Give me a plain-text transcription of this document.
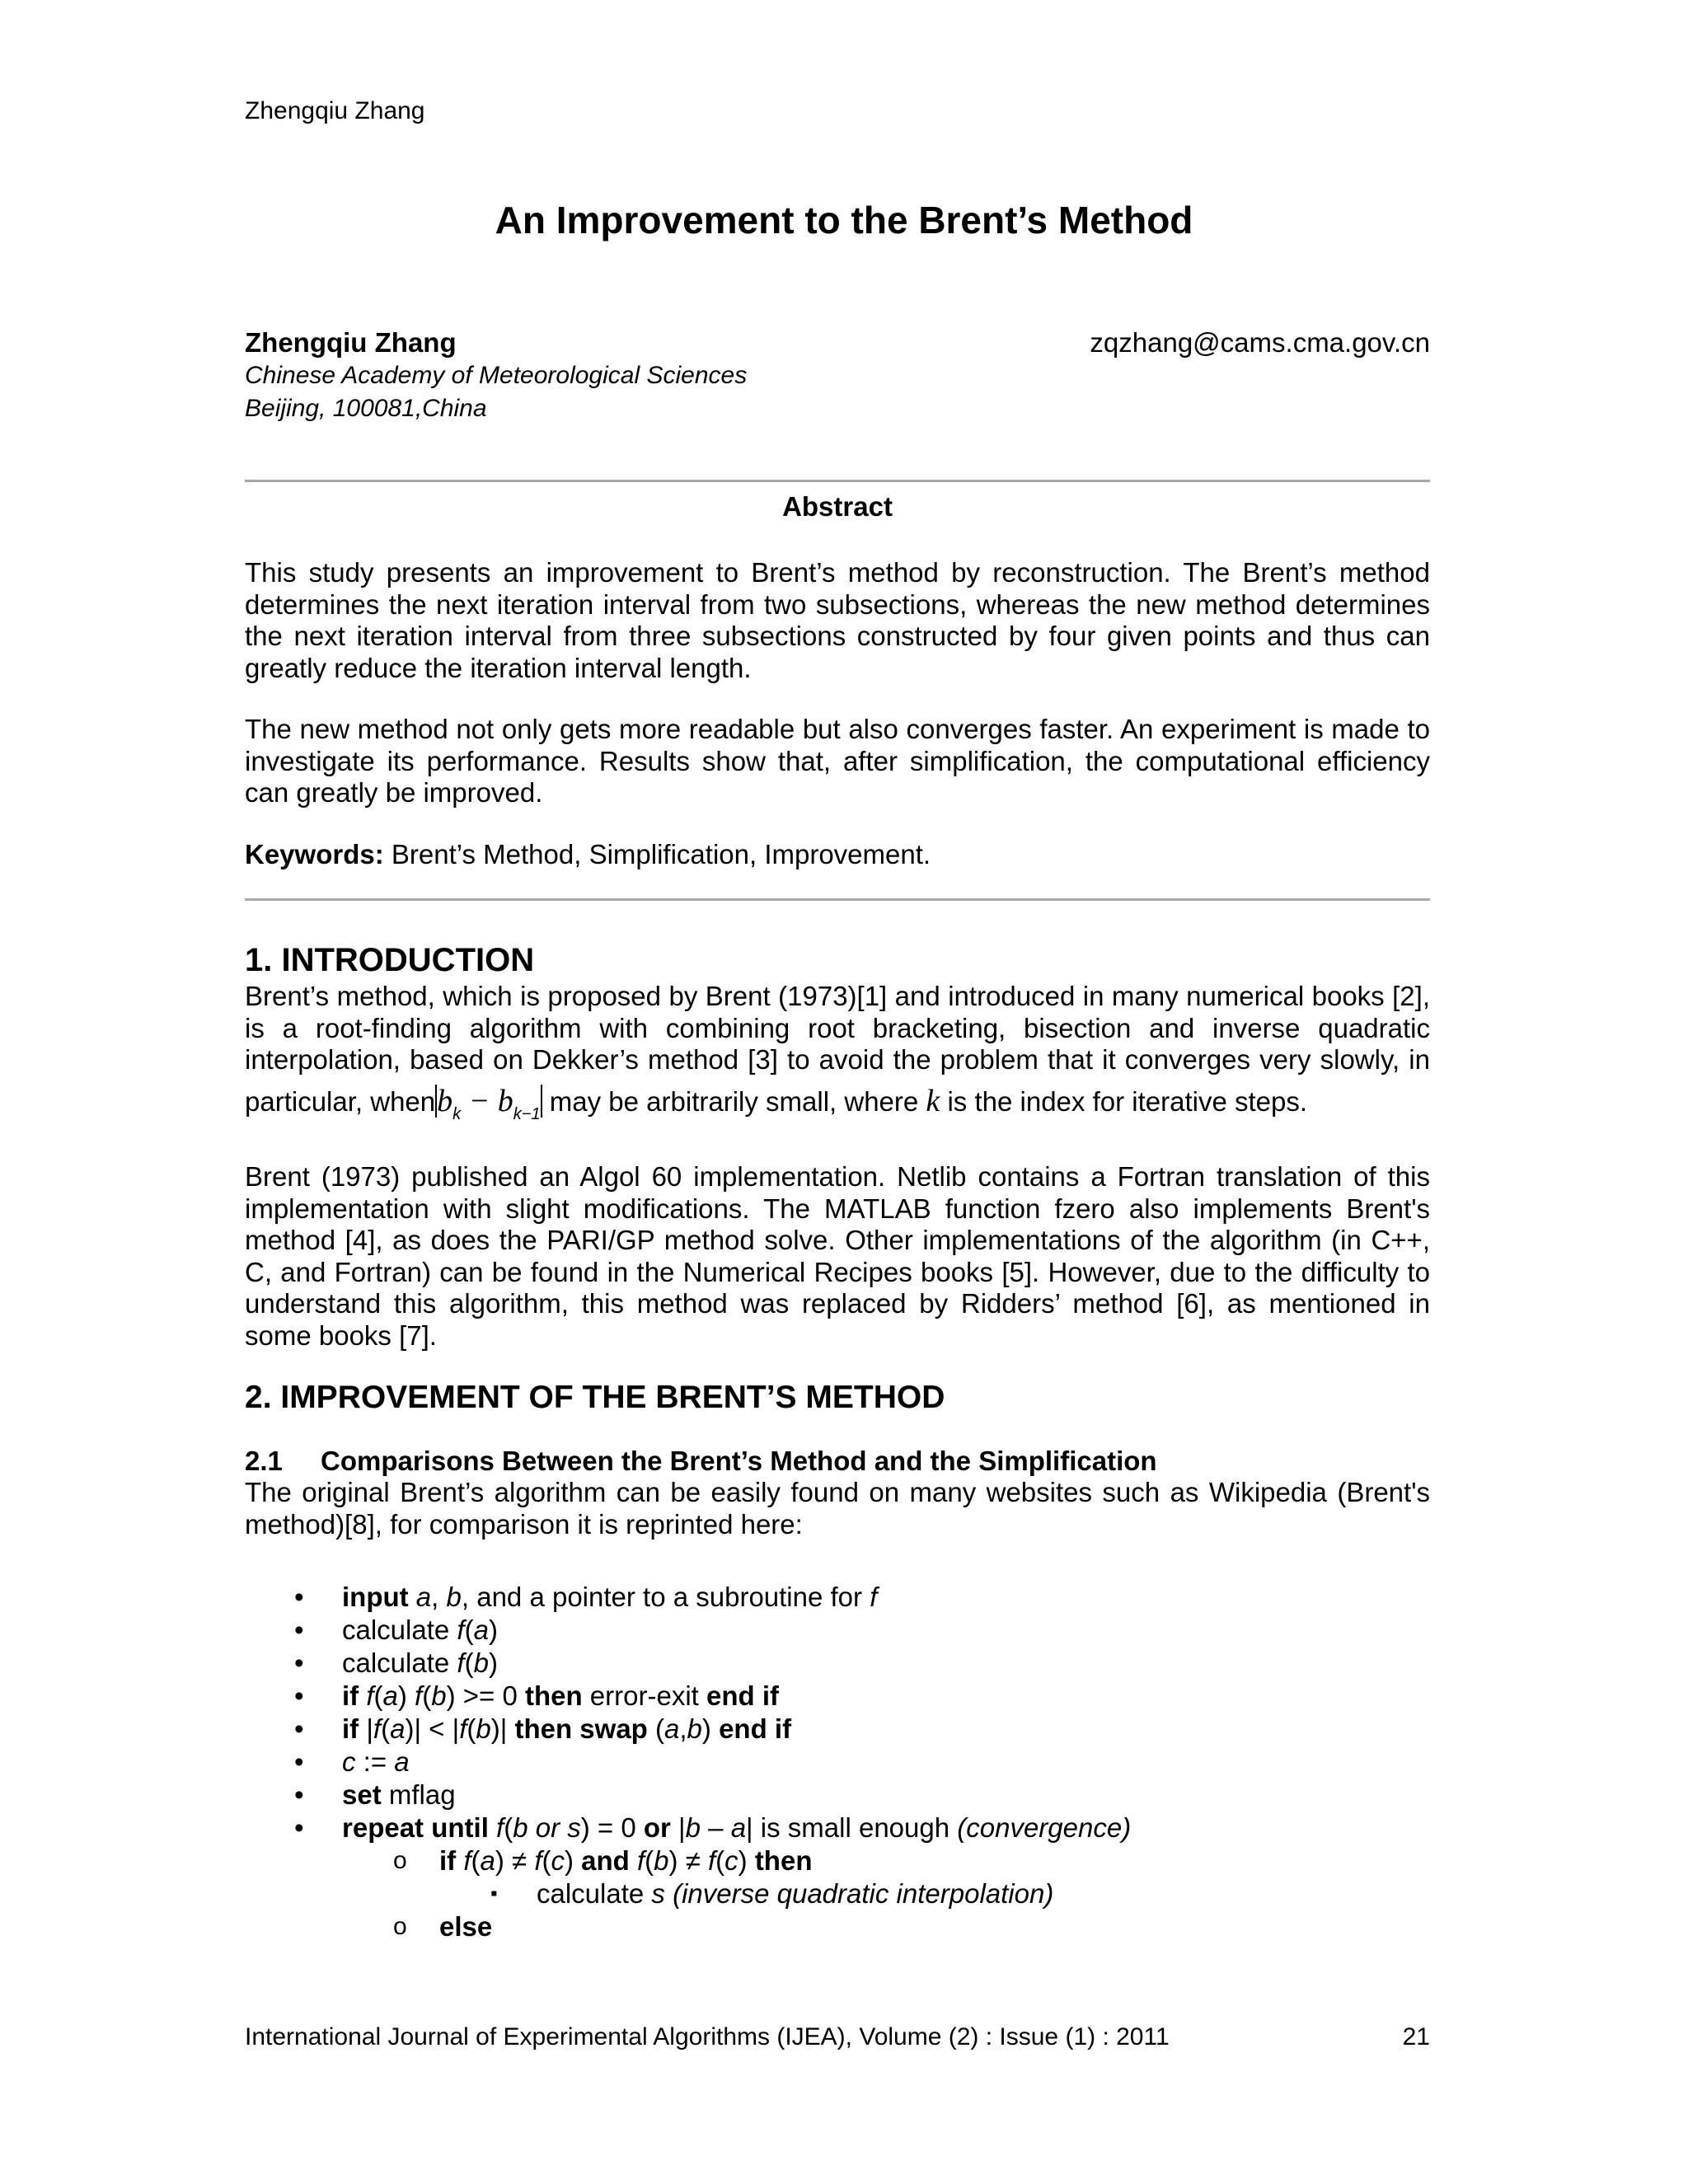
Zhengqiu Zhang
An Improvement to the Brent’s Method
Zhengqiu Zhang	zqzhang@cams.cma.gov.cn
Chinese Academy of Meteorological Sciences
Beijing, 100081,China
Abstract
This study presents an improvement to Brent’s method by reconstruction. The Brent’s method determines the next iteration interval from two subsections, whereas the new method determines the next iteration interval from three subsections constructed by four given points and thus can greatly reduce the iteration interval length.
The new method not only gets more readable but also converges faster. An experiment is made to investigate its performance. Results show that, after simplification, the computational efficiency can greatly be improved.
Keywords: Brent’s Method, Simplification, Improvement.
1. INTRODUCTION
Brent’s method, which is proposed by Brent (1973)[1] and introduced in many numerical books [2], is a root-finding algorithm with combining root bracketing, bisection and inverse quadratic interpolation, based on Dekker’s method [3] to avoid the problem that it converges very slowly, in
particular, whenb$_k$ − $b_{k-1}$ may be arbitrarily small, where k is the index for iterative steps.
Brent (1973) published an Algol 60 implementation. Netlib contains a Fortran translation of this implementation with slight modifications. The MATLAB function fzero also implements Brent's method [4], as does the PARI/GP method solve. Other implementations of the algorithm (in C++, C, and Fortran) can be found in the Numerical Recipes books [5]. However, due to the difficulty to understand this algorithm, this method was replaced by Ridders’ method [6], as mentioned in some books [7].
2. IMPROVEMENT OF THE BRENT’S METHOD
2.1 Comparisons Between the Brent’s Method and the Simplification
The original Brent’s algorithm can be easily found on many websites such as Wikipedia (Brent's method)[8], for comparison it is reprinted here:
• input a, b, and a pointer to a subroutine for f
• calculate f(a)
• calculate f(b)
• if f(a) f(b) >= 0 then error-exit end if
• if |f(a)| < |f(b)| then swap (a,b) end if
• c := a
• set mflag
• repeat until f(b or s) = 0 or |b – a| is small enough (convergence)
o if f(a) ≠ f(c) and f(b) ≠ f(c) then
▪ calculate s (inverse quadratic interpolation)
o else
International Journal of Experimental Algorithms (IJEA), Volume (2) : Issue (1) : 2011	21
